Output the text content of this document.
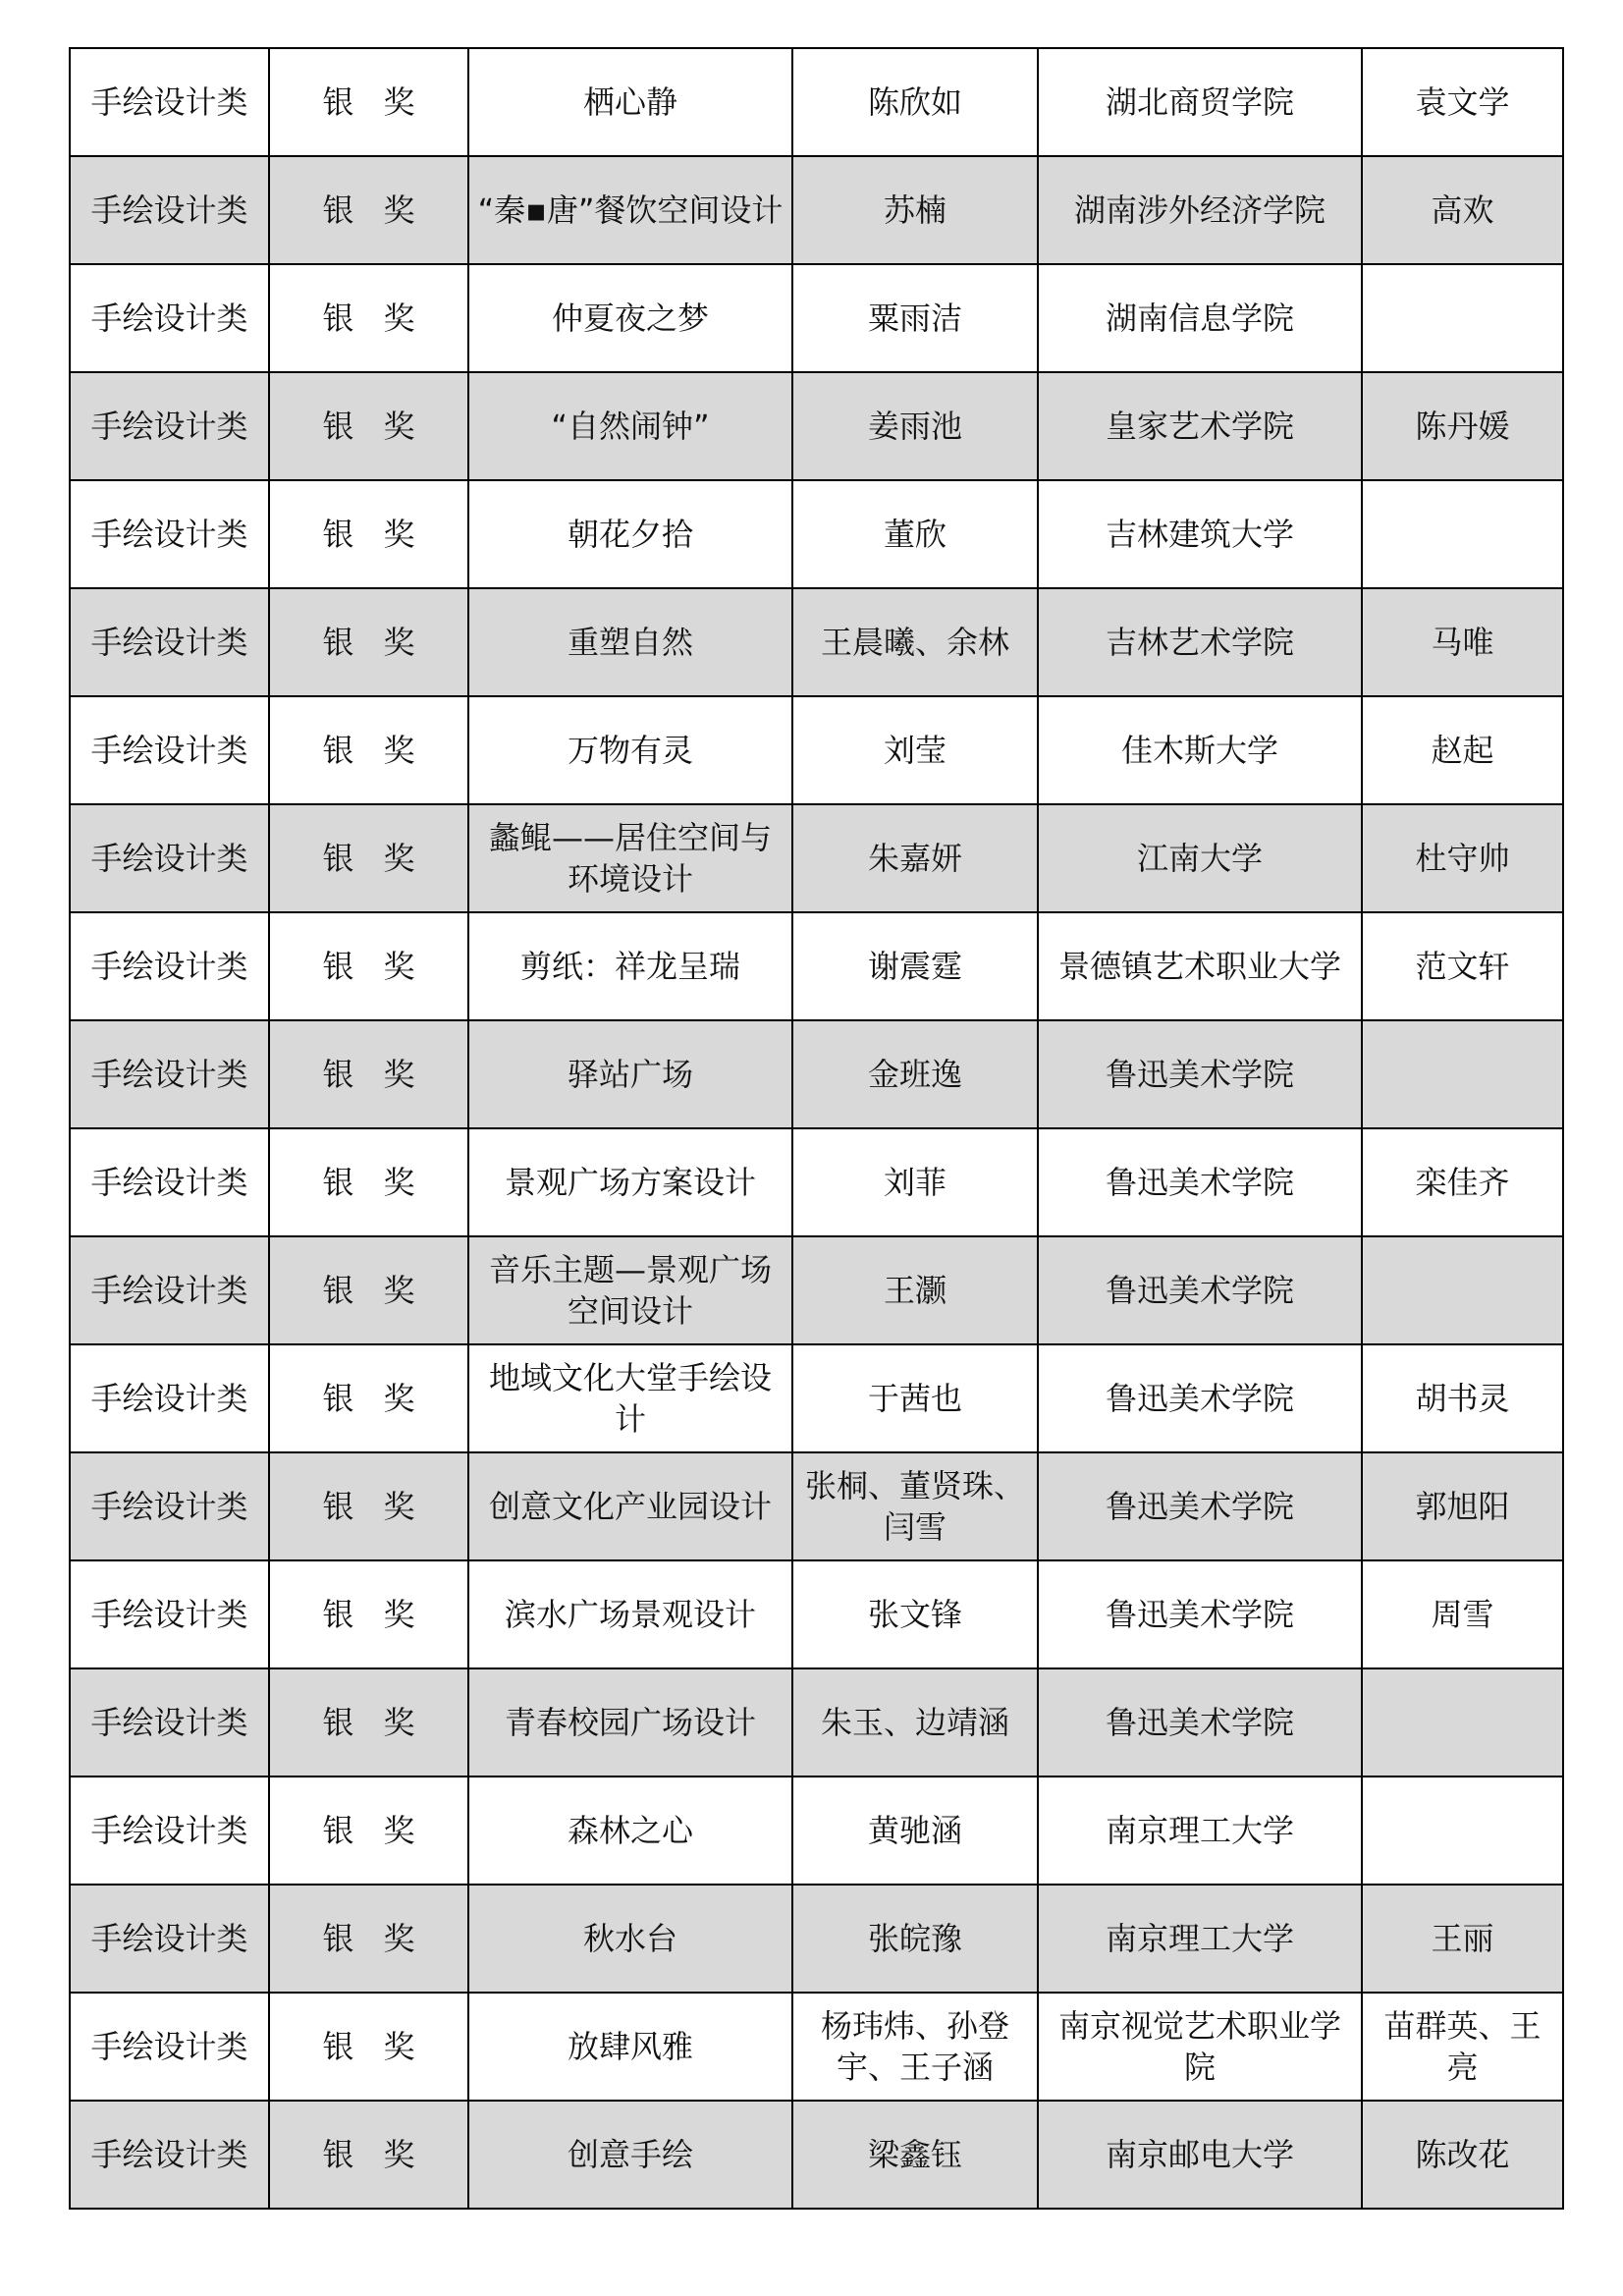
手绘设计类	银奖	栖心静	陈欣如	湖北商贸学院	袁文学
手绘设计类	银奖	“秦▪唐”餐饮空间设计	苏楠	湖南涉外经济学院	高欢
手绘设计类	银奖	仲夏夜之梦	粟雨洁	湖南信息学院	
手绘设计类	银奖	“自然闹钟”	姜雨池	皇家艺术学院	陈丹媛
手绘设计类	银奖	朝花夕拾	董欣	吉林建筑大学	
手绘设计类	银奖	重塑自然	王晨曦、余林	吉林艺术学院	马唯
手绘设计类	银奖	万物有灵	刘莹	佳木斯大学	赵起
手绘设计类	银奖	蠡鲲——居住空间与环境设计	朱嘉妍	江南大学	杜守帅
手绘设计类	银奖	剪纸：祥龙呈瑞	谢震霆	景德镇艺术职业大学	范文轩
手绘设计类	银奖	驿站广场	金班逸	鲁迅美术学院	
手绘设计类	银奖	景观广场方案设计	刘菲	鲁迅美术学院	栾佳齐
手绘设计类	银奖	音乐主题—景观广场空间设计	王灏	鲁迅美术学院	
手绘设计类	银奖	地域文化大堂手绘设计	于茜也	鲁迅美术学院	胡书灵
手绘设计类	银奖	创意文化产业园设计	张桐、董贤珠、闫雪	鲁迅美术学院	郭旭阳
手绘设计类	银奖	滨水广场景观设计	张文锋	鲁迅美术学院	周雪
手绘设计类	银奖	青春校园广场设计	朱玉、边靖涵	鲁迅美术学院	
手绘设计类	银奖	森林之心	黄驰涵	南京理工大学	
手绘设计类	银奖	秋水台	张皖豫	南京理工大学	王丽
手绘设计类	银奖	放肆风雅	杨玮炜、孙登宇、王子涵	南京视觉艺术职业学院	苗群英、王亮
手绘设计类	银奖	创意手绘	梁鑫钰	南京邮电大学	陈改花
